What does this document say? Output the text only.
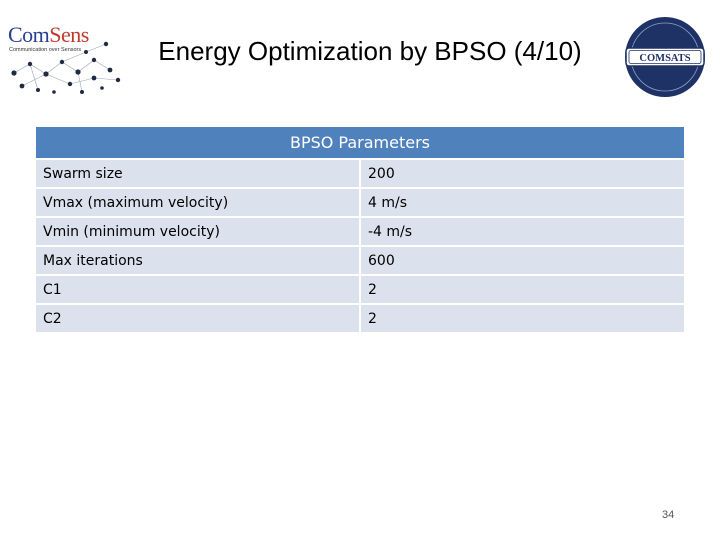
ComSens
Communication over Sensors	Energy Optimization by BPSO (4/10)	COMSATS
BPSO Parameters	
Swarm size	200
Vmax (maximum velocity)	4 m/s
Vmin (minimum velocity)	-4 m/s
Max iterations	600
C1	2
C2	2
34
